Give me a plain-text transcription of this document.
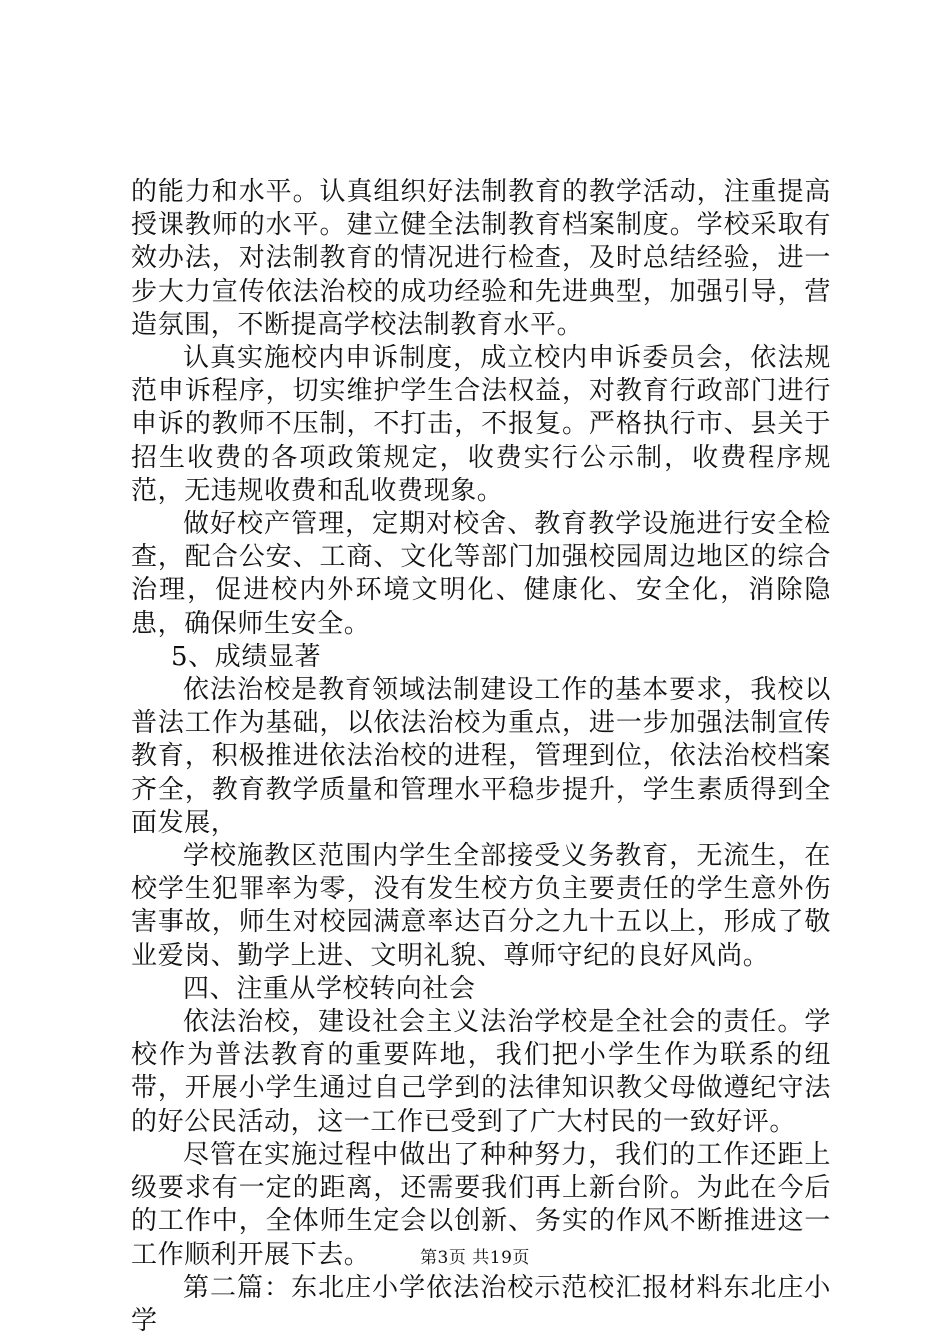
的能力和水平。认真组织好法制教育的教学活动，注重提高授课教师的水平。建立健全法制教育档案制度。学校采取有效办法，对法制教育的情况进行检查，及时总结经验，进一步大力宣传依法治校的成功经验和先进典型，加强引导，营造氛围，不断提高学校法制教育水平。

认真实施校内申诉制度，成立校内申诉委员会，依法规范申诉程序，切实维护学生合法权益，对教育行政部门进行申诉的教师不压制，不打击，不报复。严格执行市、县关于招生收费的各项政策规定，收费实行公示制，收费程序规范，无违规收费和乱收费现象。

做好校产管理，定期对校舍、教育教学设施进行安全检查，配合公安、工商、文化等部门加强校园周边地区的综合治理，促进校内外环境文明化、健康化、安全化，消除隐患，确保师生安全。

5、成绩显著

依法治校是教育领域法制建设工作的基本要求，我校以普法工作为基础，以依法治校为重点，进一步加强法制宣传教育，积极推进依法治校的进程，管理到位，依法治校档案齐全，教育教学质量和管理水平稳步提升，学生素质得到全面发展，

学校施教区范围内学生全部接受义务教育，无流生，在校学生犯罪率为零，没有发生校方负主要责任的学生意外伤害事故，师生对校园满意率达百分之九十五以上，形成了敬业爱岗、勤学上进、文明礼貌、尊师守纪的良好风尚。

四、注重从学校转向社会

依法治校，建设社会主义法治学校是全社会的责任。学校作为普法教育的重要阵地，我们把小学生作为联系的纽带，开展小学生通过自己学到的法律知识教父母做遵纪守法的好公民活动，这一工作已受到了广大村民的一致好评。

尽管在实施过程中做出了种种努力，我们的工作还距上级要求有一定的距离，还需要我们再上新台阶。为此在今后的工作中，全体师生定会以创新、务实的作风不断推进这一工作顺利开展下去。

第二篇：东北庄小学依法治校示范校汇报材料东北庄小学

第3页 共19页
